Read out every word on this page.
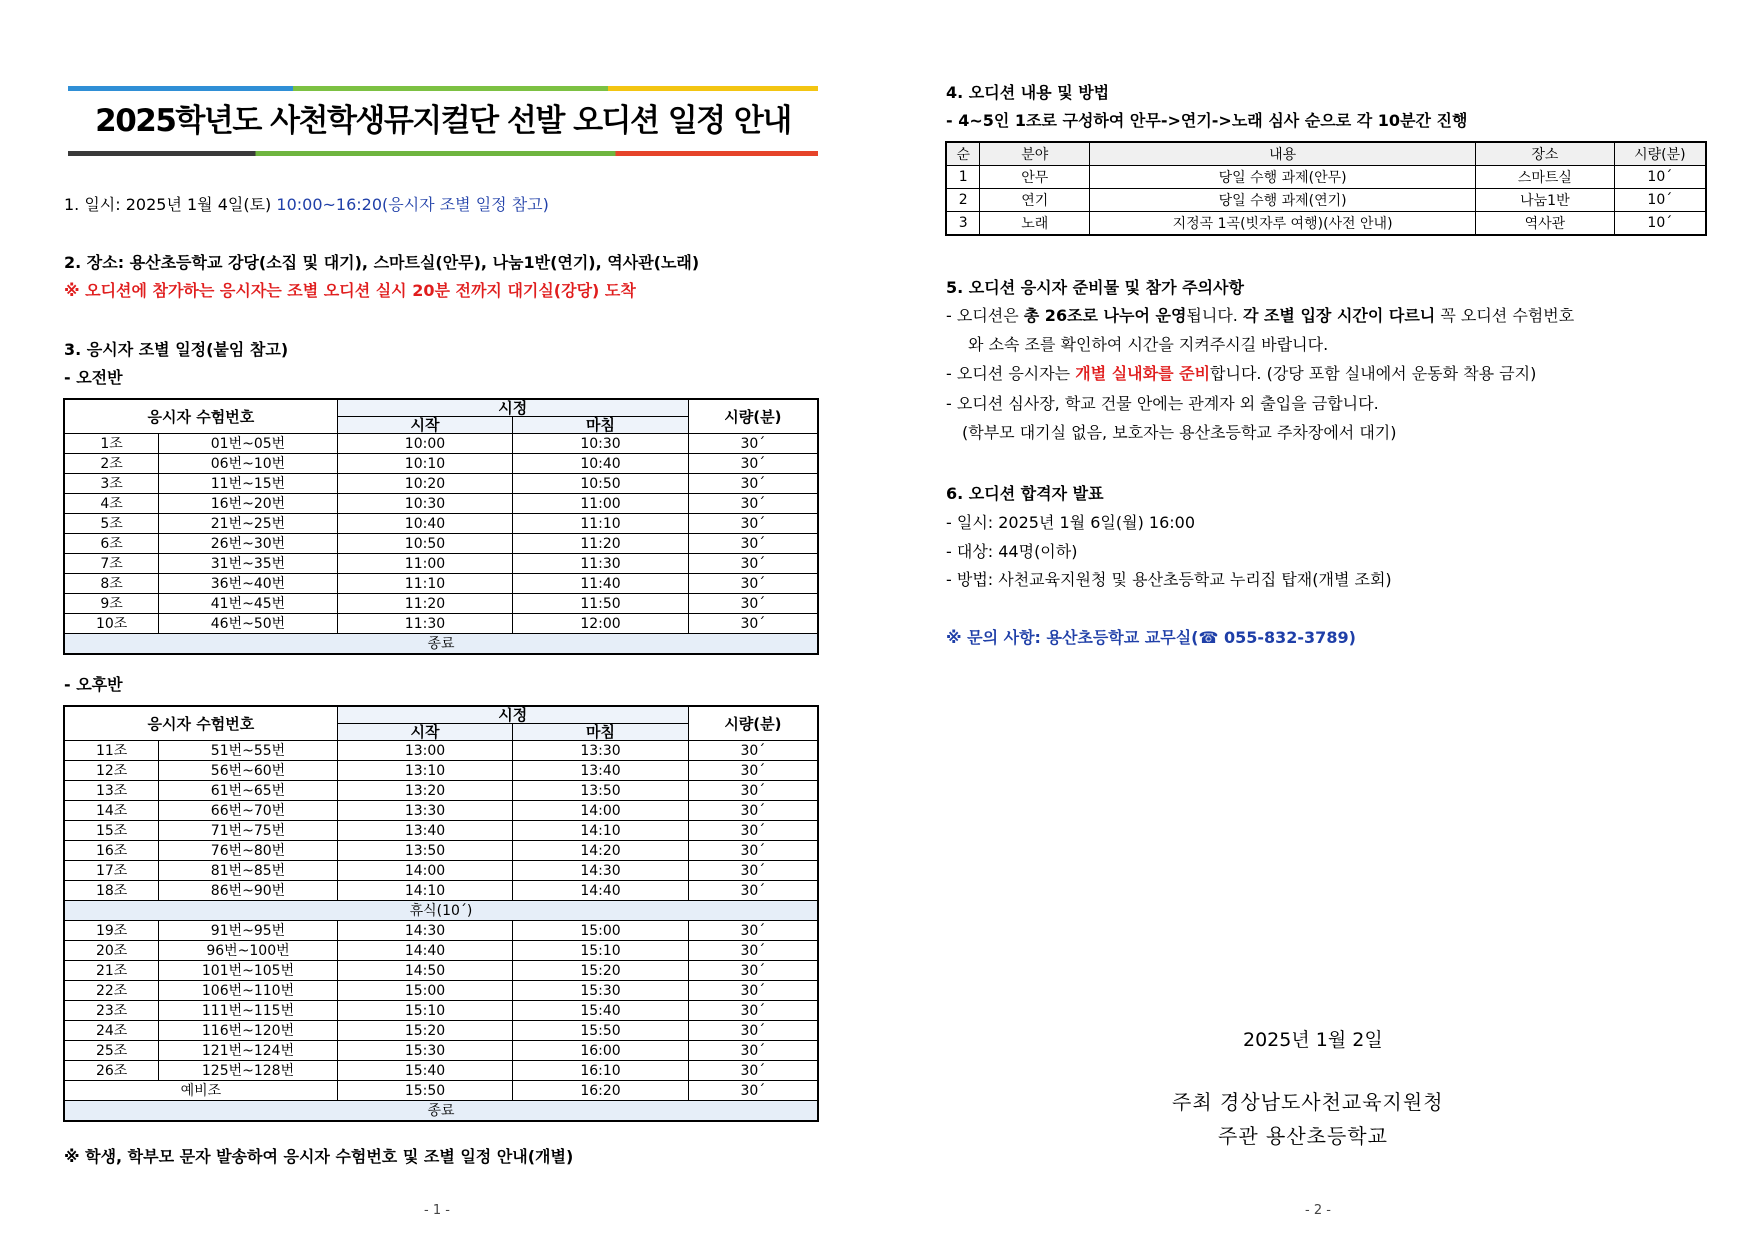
2025학년도 사천학생뮤지컬단 선발 오디션 일정 안내
1. 일시: 2025년 1월 4일(토) 10:00~16:20(응시자 조별 일정 참고)
2. 장소: 용산초등학교 강당(소집 및 대기), 스마트실(안무), 나눔1반(연기), 역사관(노래)
※ 오디션에 참가하는 응시자는 조별 오디션 실시 20분 전까지 대기실(강당) 도착
3. 응시자 조별 일정(붙임 참고)
- 오전반
응시자 수험번호		시정		시량(분)
		시작	마침	
1조	01번~05번	10:00	10:30	30´
2조	06번~10번	10:10	10:40	30´
3조	11번~15번	10:20	10:50	30´
4조	16번~20번	10:30	11:00	30´
5조	21번~25번	10:40	11:10	30´
6조	26번~30번	10:50	11:20	30´
7조	31번~35번	11:00	11:30	30´
8조	36번~40번	11:10	11:40	30´
9조	41번~45번	11:20	11:50	30´
10조	46번~50번	11:30	12:00	30´
종료				
- 오후반
응시자 수험번호		시정		시량(분)
		시작	마침	
11조	51번~55번	13:00	13:30	30´
12조	56번~60번	13:10	13:40	30´
13조	61번~65번	13:20	13:50	30´
14조	66번~70번	13:30	14:00	30´
15조	71번~75번	13:40	14:10	30´
16조	76번~80번	13:50	14:20	30´
17조	81번~85번	14:00	14:30	30´
18조	86번~90번	14:10	14:40	30´
휴식(10´)				
19조	91번~95번	14:30	15:00	30´
20조	96번~100번	14:40	15:10	30´
21조	101번~105번	14:50	15:20	30´
22조	106번~110번	15:00	15:30	30´
23조	111번~115번	15:10	15:40	30´
24조	116번~120번	15:20	15:50	30´
25조	121번~124번	15:30	16:00	30´
26조	125번~128번	15:40	16:10	30´
예비조		15:50	16:20	30´
종료				
※ 학생, 학부모 문자 발송하여 응시자 수험번호 및 조별 일정 안내(개별)
- 1 -
4. 오디션 내용 및 방법
- 4~5인 1조로 구성하여 안무->연기->노래 심사 순으로 각 10분간 진행
순	분야	내용	장소	시량(분)
1	안무	당일 수행 과제(안무)	스마트실	10´
2	연기	당일 수행 과제(연기)	나눔1반	10´
3	노래	지정곡 1곡(빗자루 여행)(사전 안내)	역사관	10´
5. 오디션 응시자 준비물 및 참가 주의사항
- 오디션은 총 26조로 나누어 운영됩니다. 각 조별 입장 시간이 다르니 꼭 오디션 수험번호
와 소속 조를 확인하여 시간을 지켜주시길 바랍니다.
- 오디션 응시자는 개별 실내화를 준비합니다. (강당 포함 실내에서 운동화 착용 금지)
- 오디션 심사장, 학교 건물 안에는 관계자 외 출입을 금합니다.
(학부모 대기실 없음, 보호자는 용산초등학교 주차장에서 대기)
6. 오디션 합격자 발표
- 일시: 2025년 1월 6일(월) 16:00
- 대상: 44명(이하)
- 방법: 사천교육지원청 및 용산초등학교 누리집 탑재(개별 조회)
※ 문의 사항: 용산초등학교 교무실(☎ 055-832-3789)
2025년 1월 2일
주최 경상남도사천교육지원청
주관 용산초등학교
- 2 -
